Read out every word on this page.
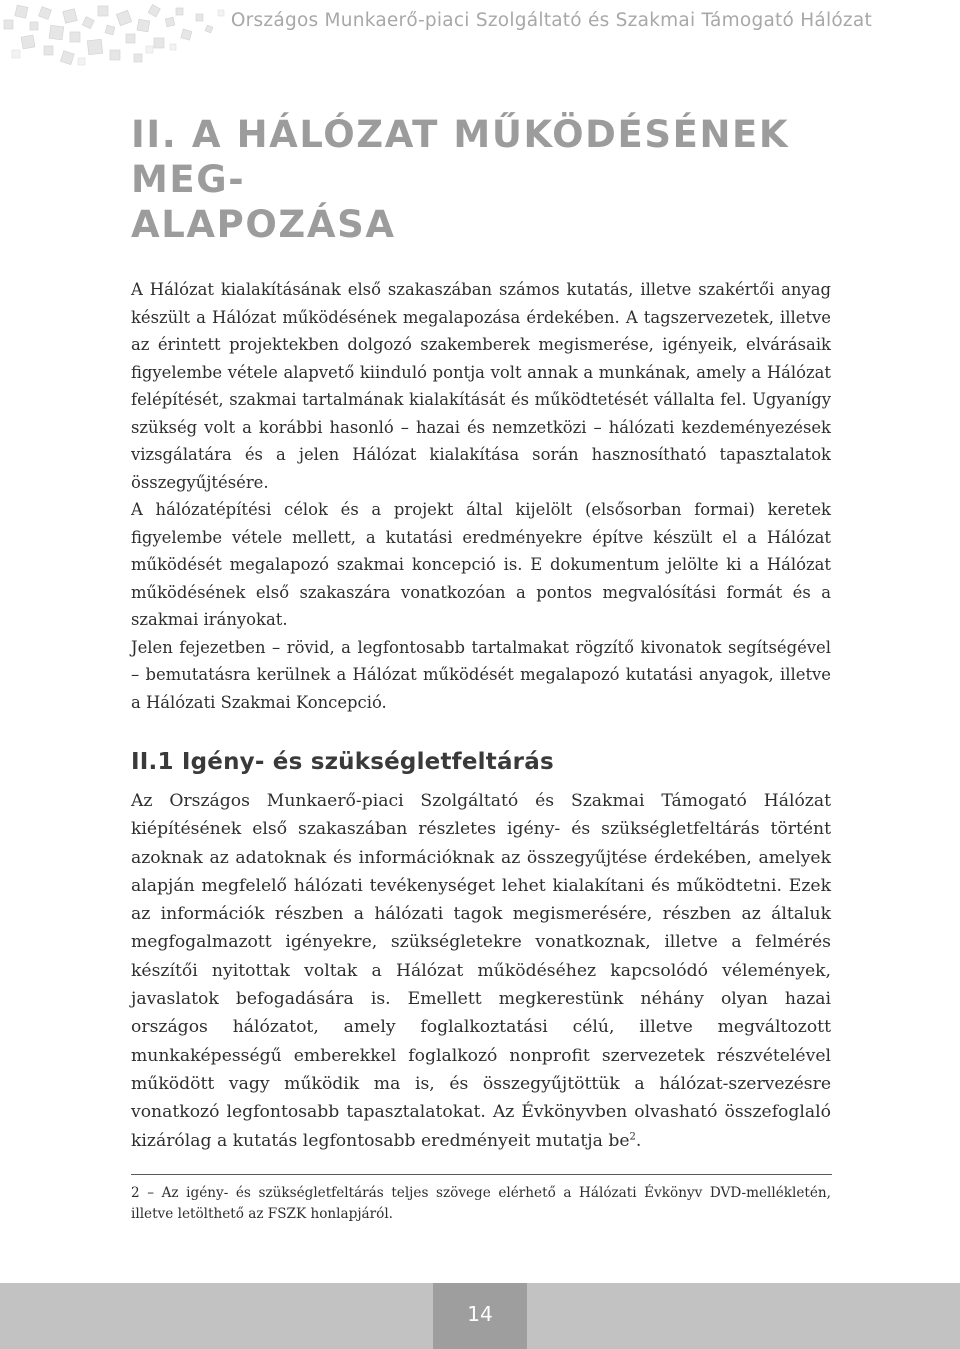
Országos Munkaerő-piaci Szolgáltató és Szakmai Támogató Hálózat
II. A HÁLÓZAT MŰKÖDÉSÉNEK MEG-
ALAPOZÁSA

A Hálózat kialakításának első szakaszában számos kutatás, illetve szakértői anyag készült a Hálózat működésének megalapozása érdekében. A tagszervezetek, illetve az érintett projektekben dolgozó szakemberek megismerése, igényeik, elvárásaik figyelembe vétele alapvető kiinduló pontja volt annak a munkának, amely a Hálózat felépítését, szakmai tartalmának kialakítását és működtetését vállalta fel. Ugyanígy szükség volt a korábbi hasonló – hazai és nemzetközi – hálózati kezdeményezések vizsgálatára és a jelen Hálózat kialakítása során hasznosítható tapasztalatok összegyűjtésére.

A hálózatépítési célok és a projekt által kijelölt (elsősorban formai) keretek figyelembe vétele mellett, a kutatási eredményekre építve készült el a Hálózat működését megalapozó szakmai koncepció is. E dokumentum jelölte ki a Hálózat működésének első szakaszára vonatkozóan a pontos megvalósítási formát és a szakmai irányokat.

Jelen fejezetben – rövid, a legfontosabb tartalmakat rögzítő kivonatok segítségével – bemutatásra kerülnek a Hálózat működését megalapozó kutatási anyagok, illetve a Hálózati Szakmai Koncepció.

II.1 Igény- és szükségletfeltárás

Az Országos Munkaerő-piaci Szolgáltató és Szakmai Támogató Hálózat kiépítésének első szakaszában részletes igény- és szükségletfeltárás történt azoknak az adatoknak és információknak az összegyűjtése érdekében, amelyek alapján megfelelő hálózati tevékenységet lehet kialakítani és működtetni. Ezek az információk részben a hálózati tagok megismerésére, részben az általuk megfogalmazott igényekre, szükségletekre vonatkoznak, illetve a felmérés készítői nyitottak voltak a Hálózat működéséhez kapcsolódó vélemények, javaslatok befogadására is. Emellett megkerestünk néhány olyan hazai országos hálózatot, amely foglalkoztatási célú, illetve megváltozott munkaképességű emberekkel foglalkozó nonprofit szervezetek részvételével működött vagy működik ma is, és összegyűjtöttük a hálózat-szervezésre vonatkozó legfontosabb tapasztalatokat. Az Évkönyvben olvasható összefoglaló kizárólag a kutatás legfontosabb eredményeit mutatja $be^2$.

2 – Az igény- és szükségletfeltárás teljes szövege elérhető a Hálózati Évkönyv DVD-mellékletén, illetve letölthető az FSZK honlapjáról.

14
